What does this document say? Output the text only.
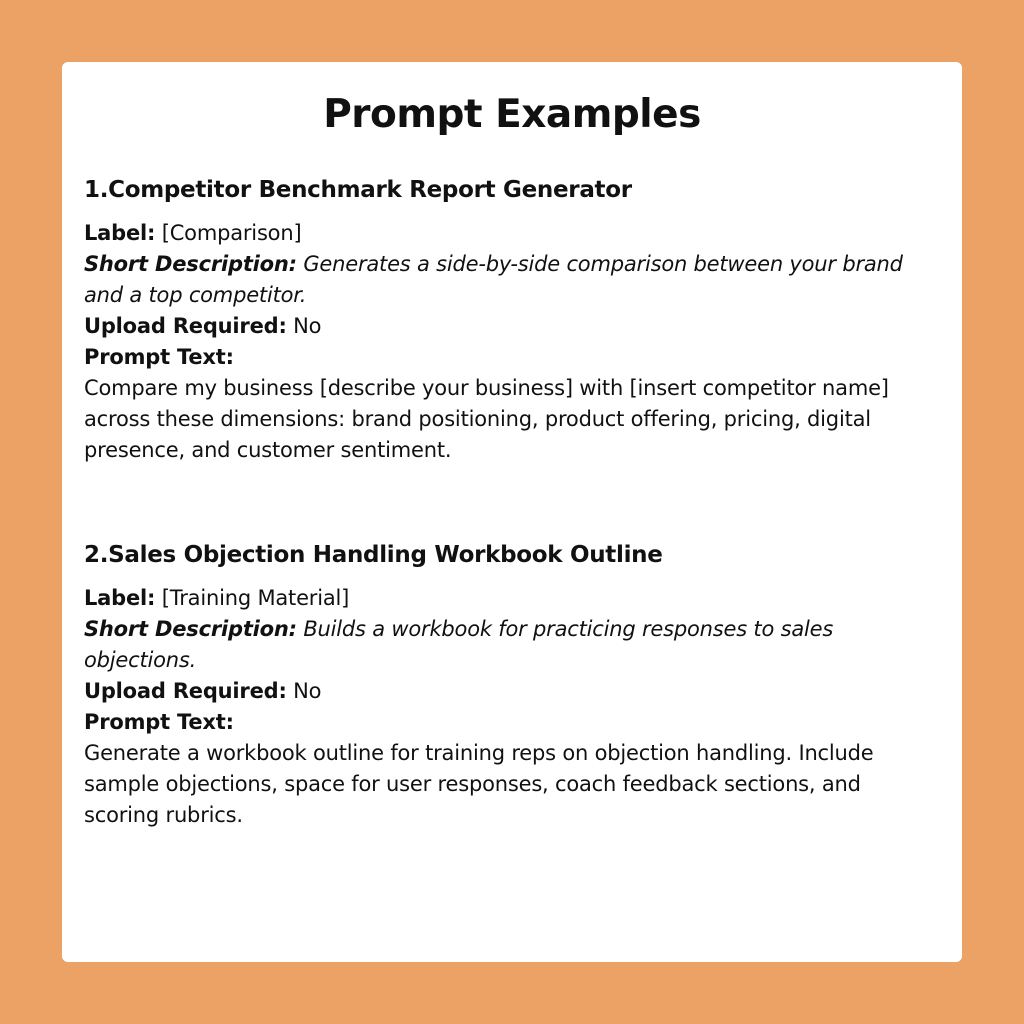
Prompt Examples
1.Competitor Benchmark Report Generator

Label: [Comparison]

Short Description: Generates a side-by-side comparison between your brand and a top competitor.

Upload Required: No

Prompt Text:

Compare my business [describe your business] with [insert competitor name] across these dimensions: brand positioning, product offering, pricing, digital presence, and customer sentiment.

2.Sales Objection Handling Workbook Outline

Label: [Training Material]

Short Description: Builds a workbook for practicing responses to sales objections.

Upload Required: No

Prompt Text:

Generate a workbook outline for training reps on objection handling. Include sample objections, space for user responses, coach feedback sections, and scoring rubrics.
